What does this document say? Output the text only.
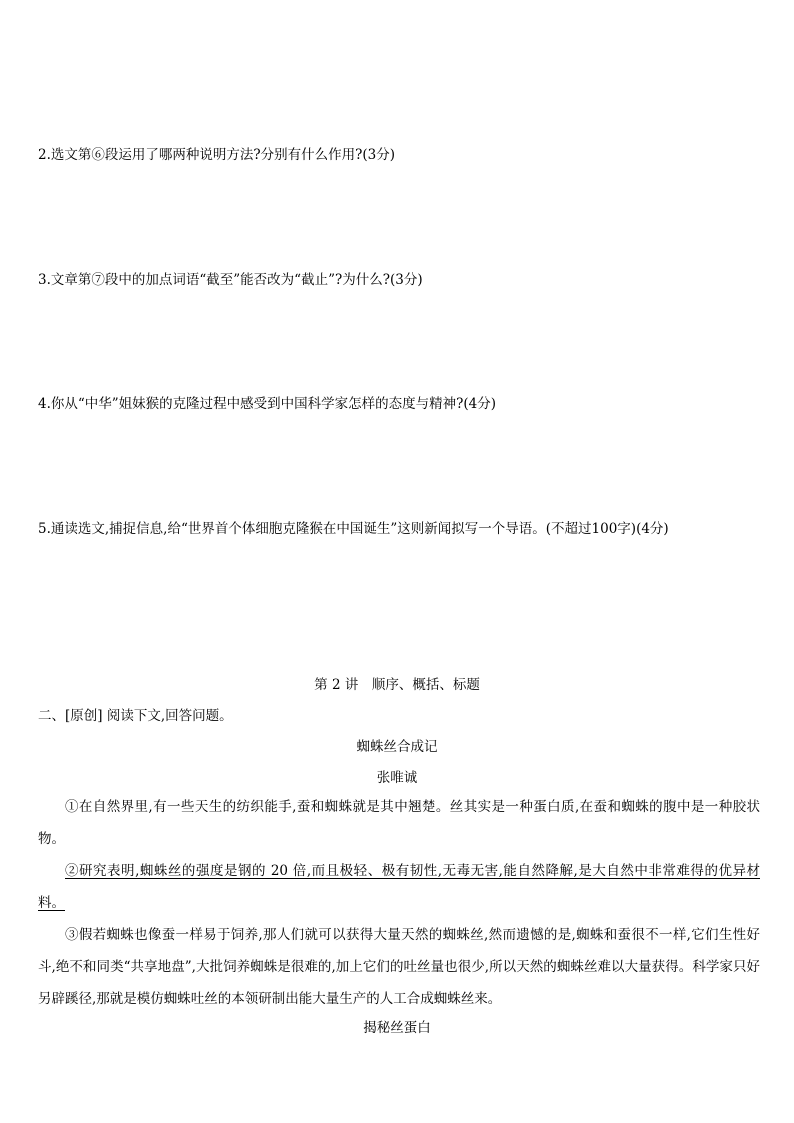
2.选文第⑥段运用了哪两种说明方法?分别有什么作用?(3分)
3.文章第⑦段中的加点词语“截至”能否改为“截止”?为什么?(3分)
4.你从“中华”姐妹猴的克隆过程中感受到中国科学家怎样的态度与精神?(4分)
5.通读选文,捕捉信息,给“世界首个体细胞克隆猴在中国诞生”这则新闻拟写一个导语。(不超过100字)(4分)
第 2 讲　顺序、概括、标题
二、[原创] 阅读下文,回答问题。
蜘蛛丝合成记
张唯诚
①在自然界里,有一些天生的纺织能手,蚕和蜘蛛就是其中翘楚。丝其实是一种蛋白质,在蚕和蜘蛛的腹中是一种胶状物。
②研究表明,蜘蛛丝的强度是钢的 20 倍,而且极轻、极有韧性,无毒无害,能自然降解,是大自然中非常难得的优异材料。
③假若蜘蛛也像蚕一样易于饲养,那人们就可以获得大量天然的蜘蛛丝,然而遗憾的是,蜘蛛和蚕很不一样,它们生性好斗,绝不和同类“共享地盘”,大批饲养蜘蛛是很难的,加上它们的吐丝量也很少,所以天然的蜘蛛丝难以大量获得。科学家只好另辟蹊径,那就是模仿蜘蛛吐丝的本领研制出能大量生产的人工合成蜘蛛丝来。
揭秘丝蛋白
